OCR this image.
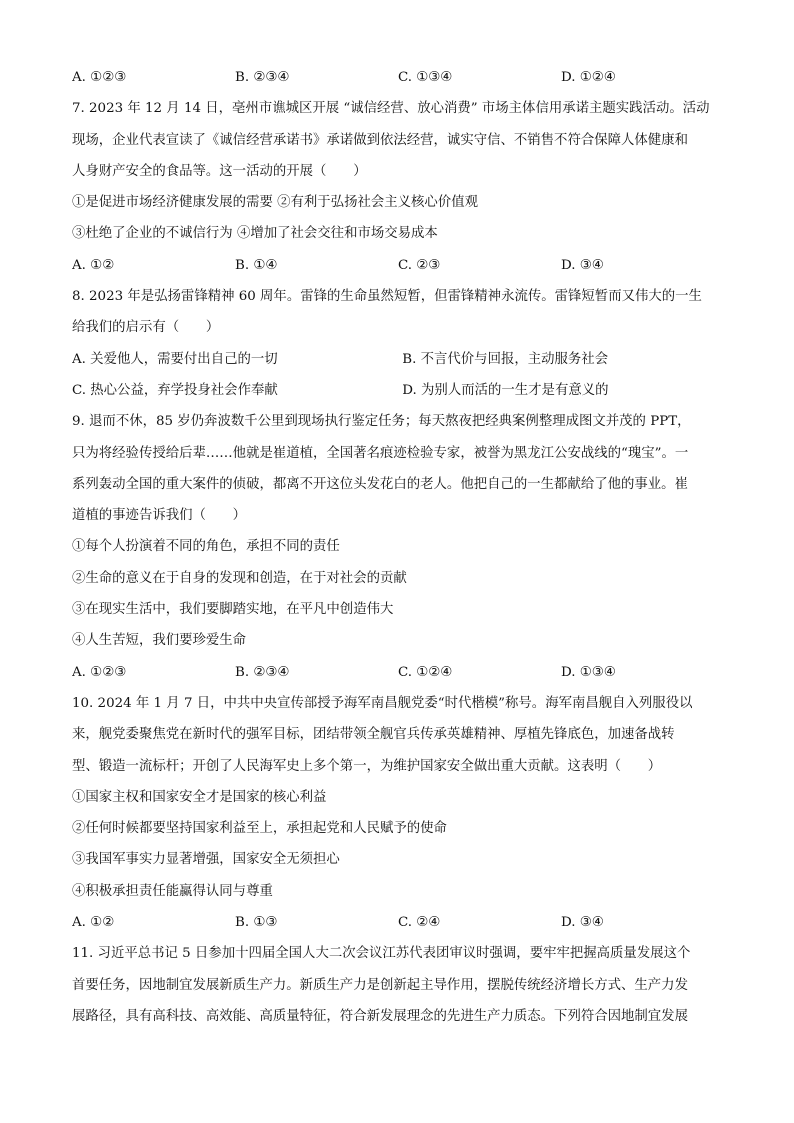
A. ①②③	B. ②③④	C. ①③④	D. ①②④
7. 2023 年 12 月 14 日，亳州市谯城区开展 “诚信经营、放心消费” 市场主体信用承诺主题实践活动。活动
现场，企业代表宣读了《诚信经营承诺书》承诺做到依法经营，诚实守信、不销售不符合保障人体健康和
人身财产安全的食品等。这一活动的开展（　　）
①是促进市场经济健康发展的需要 ②有利于弘扬社会主义核心价值观
③杜绝了企业的不诚信行为 ④增加了社会交往和市场交易成本
A. ①②	B. ①④	C. ②③	D. ③④
8. 2023 年是弘扬雷锋精神 60 周年。雷锋的生命虽然短暂，但雷锋精神永流传。雷锋短暂而又伟大的一生
给我们的启示有（　　）
A. 关爱他人，需要付出自己的一切	B. 不言代价与回报，主动服务社会
C. 热心公益，弃学投身社会作奉献	D. 为别人而活的一生才是有意义的
9. 退而不休，85 岁仍奔波数千公里到现场执行鉴定任务；每天熬夜把经典案例整理成图文并茂的 PPT，
只为将经验传授给后辈……他就是崔道植，全国著名痕迹检验专家，被誉为黑龙江公安战线的“瑰宝”。一
系列轰动全国的重大案件的侦破，都离不开这位头发花白的老人。他把自己的一生都献给了他的事业。崔
道植的事迹告诉我们（　　）
①每个人扮演着不同的角色，承担不同的责任
②生命的意义在于自身的发现和创造，在于对社会的贡献
③在现实生活中，我们要脚踏实地，在平凡中创造伟大
④人生苦短，我们要珍爱生命
A. ①②③	B. ②③④	C. ①②④	D. ①③④
10. 2024 年 1 月 7 日，中共中央宣传部授予海军南昌舰党委“时代楷模”称号。海军南昌舰自入列服役以
来，舰党委聚焦党在新时代的强军目标，团结带领全舰官兵传承英雄精神、厚植先锋底色，加速备战转
型、锻造一流标杆；开创了人民海军史上多个第一，为维护国家安全做出重大贡献。这表明（　　）
①国家主权和国家安全才是国家的核心利益
②任何时候都要坚持国家利益至上，承担起党和人民赋予的使命
③我国军事实力显著增强，国家安全无须担心
④积极承担责任能赢得认同与尊重
A. ①②	B. ①③	C. ②④	D. ③④
11. 习近平总书记 5 日参加十四届全国人大二次会议江苏代表团审议时强调，要牢牢把握高质量发展这个
首要任务，因地制宜发展新质生产力。新质生产力是创新起主导作用，摆脱传统经济增长方式、生产力发
展路径，具有高科技、高效能、高质量特征，符合新发展理念的先进生产力质态。下列符合因地制宜发展
